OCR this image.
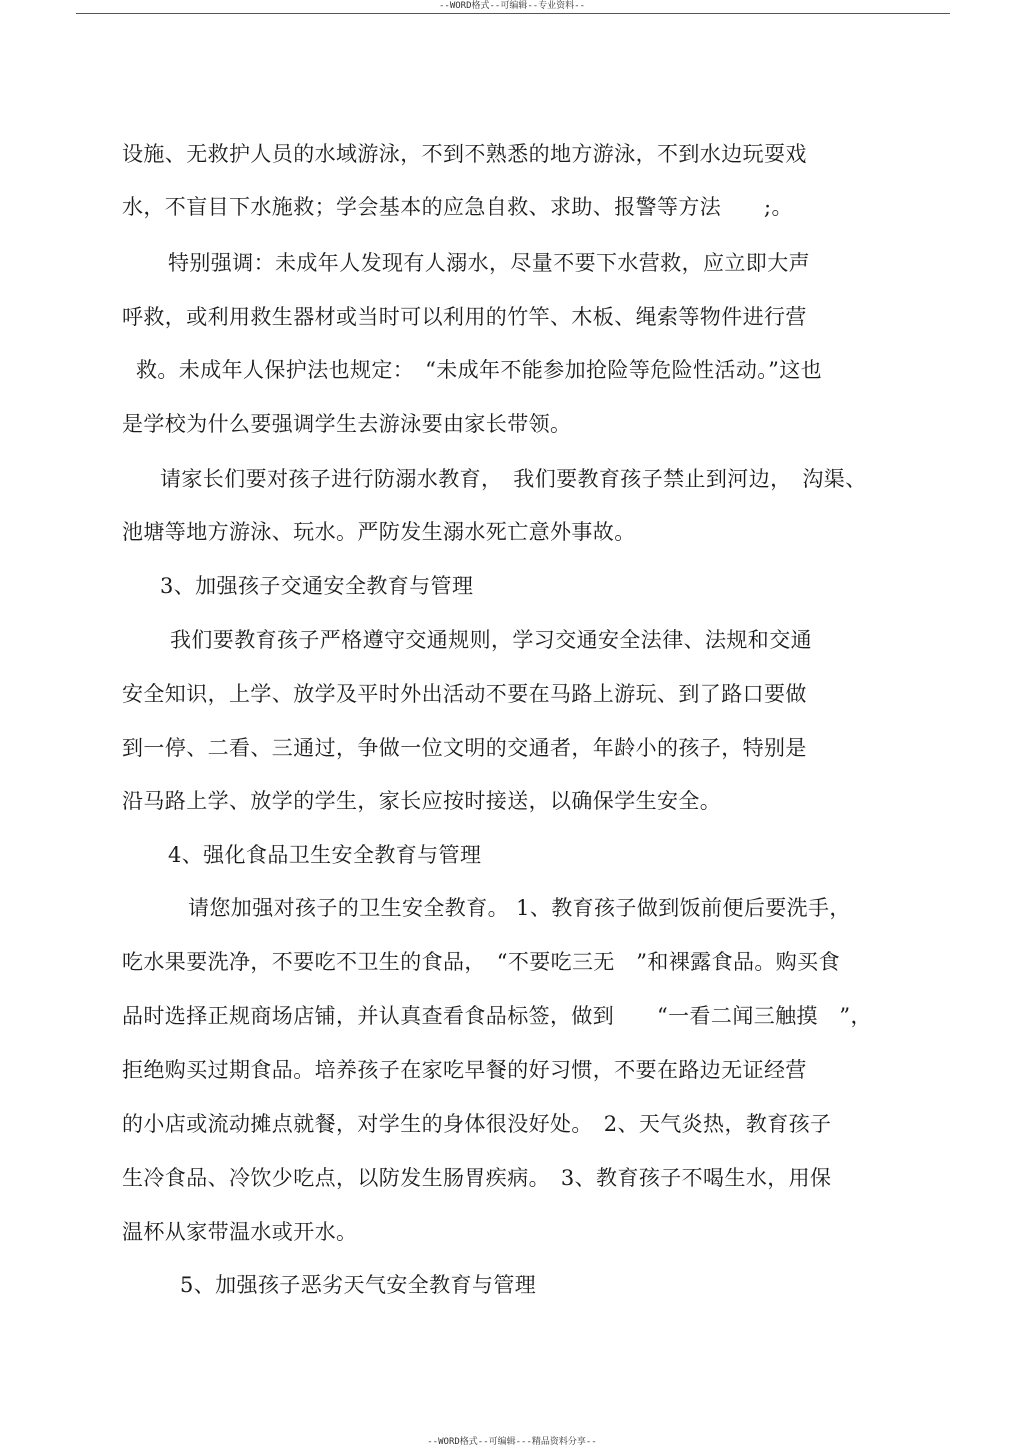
--WORD格式--可编辑--专业资料--
设施、无救护人员的水域游泳，不到不熟悉的地方游泳，不到水边玩耍戏
水，不盲目下水施救；学会基本的应急自救、求助、报警等方法　　;。
特别强调：未成年人发现有人溺水，尽量不要下水营救，应立即大声
呼救，或利用救生器材或当时可以利用的竹竿、木板、绳索等物件进行营
救。未成年人保护法也规定：　“未成年不能参加抢险等危险性活动。”这也
是学校为什么要强调学生去游泳要由家长带领。
请家长们要对孩子进行防溺水教育，　我们要教育孩子禁止到河边，　沟渠、
池塘等地方游泳、玩水。严防发生溺水死亡意外事故。
3、加强孩子交通安全教育与管理
我们要教育孩子严格遵守交通规则，学习交通安全法律、法规和交通
安全知识，上学、放学及平时外出活动不要在马路上游玩、到了路口要做
到一停、二看、三通过，争做一位文明的交通者，年龄小的孩子，特别是
沿马路上学、放学的学生，家长应按时接送，以确保学生安全。
4、强化食品卫生安全教育与管理
请您加强对孩子的卫生安全教育。 1、教育孩子做到饭前便后要洗手，
吃水果要洗净，不要吃不卫生的食品，　“不要吃三无　”和裸露食品。购买食
品时选择正规商场店铺，并认真查看食品标签，做到　　“一看二闻三触摸　”，
拒绝购买过期食品。培养孩子在家吃早餐的好习惯，不要在路边无证经营
的小店或流动摊点就餐，对学生的身体很没好处。　2、天气炎热，教育孩子
生冷食品、冷饮少吃点，以防发生肠胃疾病。　3、教育孩子不喝生水，用保
温杯从家带温水或开水。
5、加强孩子恶劣天气安全教育与管理
--WORD格式--可编辑---精品资料分享--
